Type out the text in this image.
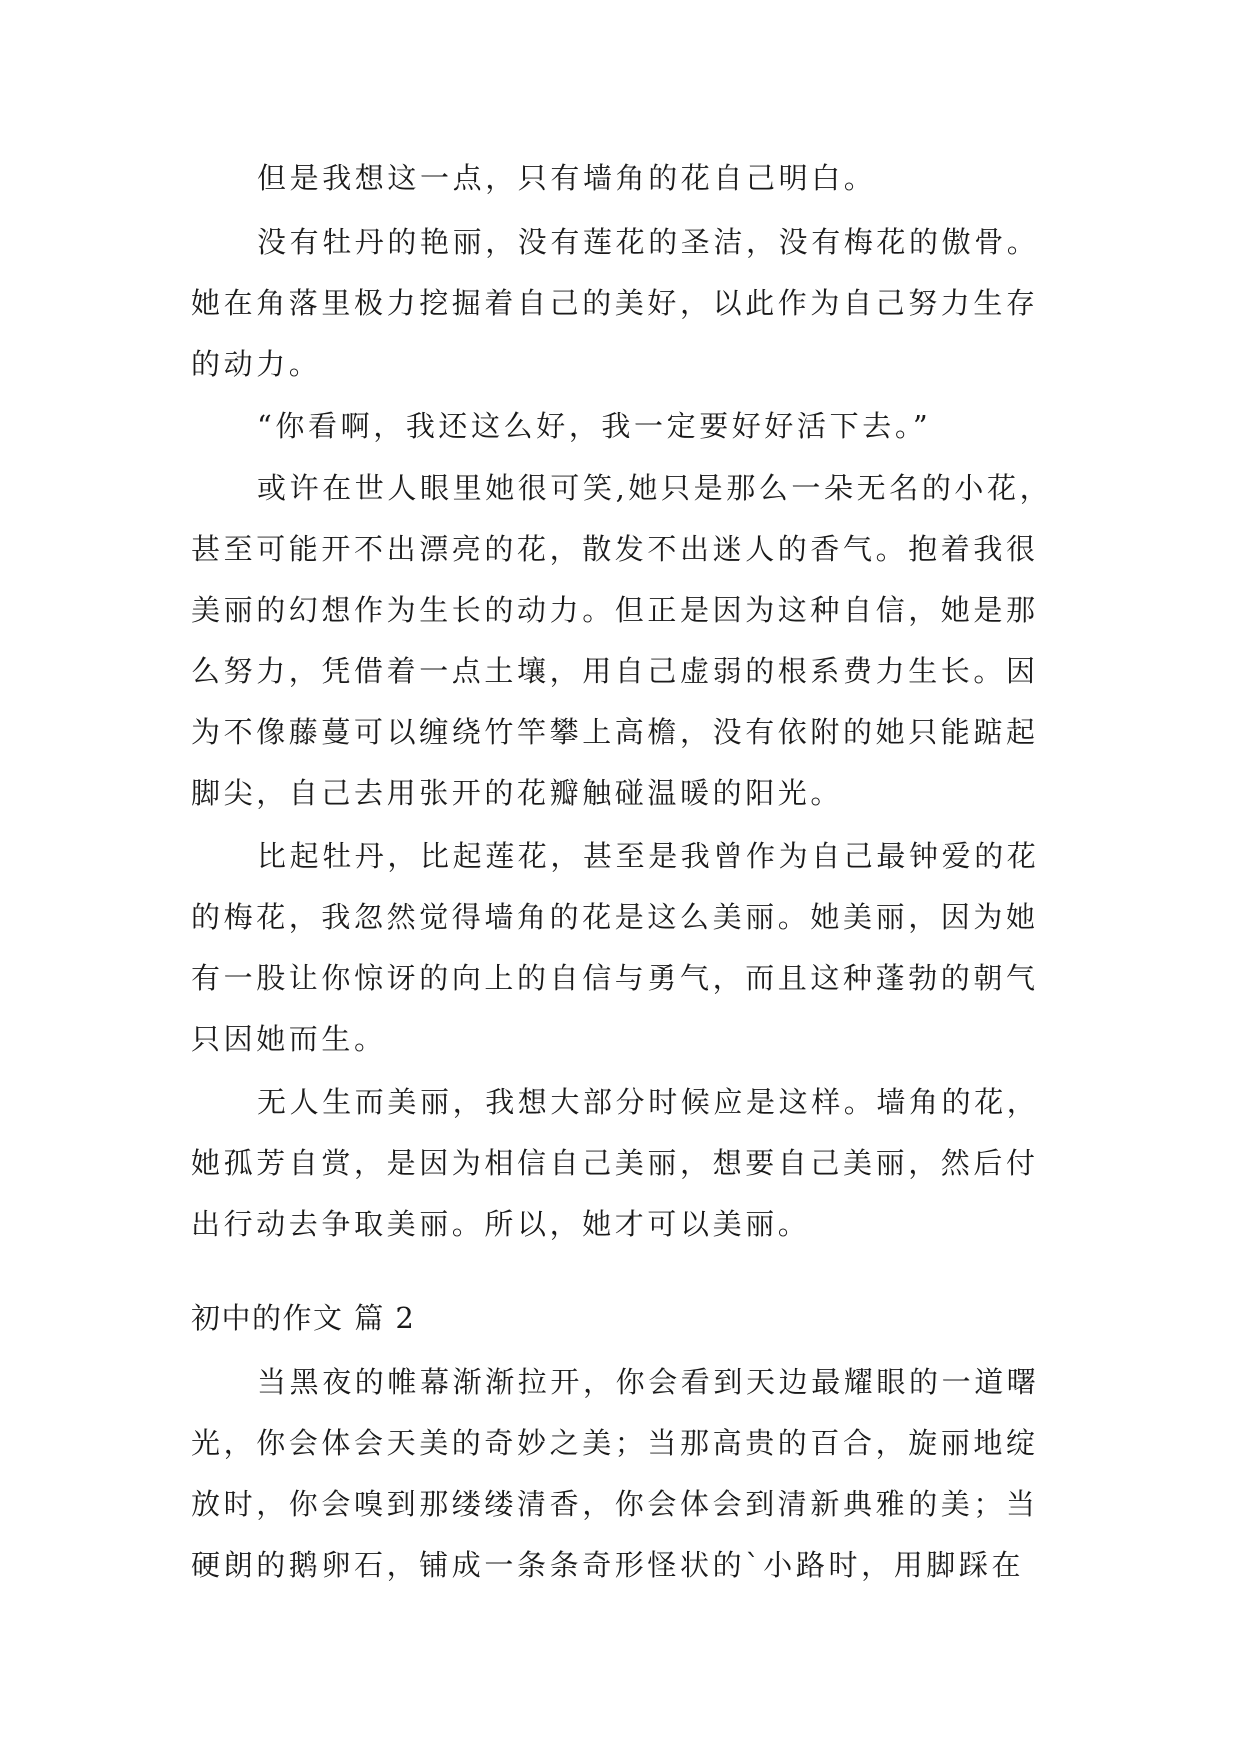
但是我想这一点，只有墙角的花自己明白。
没有牡丹的艳丽，没有莲花的圣洁，没有梅花的傲骨。
她在角落里极力挖掘着自己的美好，以此作为自己努力生存
的动力。
“你看啊，我还这么好，我一定要好好活下去。”
或许在世人眼里她很可笑,她只是那么一朵无名的小花，
甚至可能开不出漂亮的花，散发不出迷人的香气。抱着我很
美丽的幻想作为生长的动力。但正是因为这种自信，她是那
么努力，凭借着一点土壤，用自己虚弱的根系费力生长。因
为不像藤蔓可以缠绕竹竿攀上高檐，没有依附的她只能踮起
脚尖，自己去用张开的花瓣触碰温暖的阳光。
比起牡丹，比起莲花，甚至是我曾作为自己最钟爱的花
的梅花，我忽然觉得墙角的花是这么美丽。她美丽，因为她
有一股让你惊讶的向上的自信与勇气，而且这种蓬勃的朝气
只因她而生。
无人生而美丽，我想大部分时候应是这样。墙角的花，
她孤芳自赏，是因为相信自己美丽，想要自己美丽，然后付
出行动去争取美丽。所以，她才可以美丽。
初中的作文 篇 2
当黑夜的帷幕渐渐拉开，你会看到天边最耀眼的一道曙
光，你会体会天美的奇妙之美；当那高贵的百合，旋丽地绽
放时，你会嗅到那缕缕清香，你会体会到清新典雅的美；当
硬朗的鹅卵石，铺成一条条奇形怪状的`小路时，用脚踩在
